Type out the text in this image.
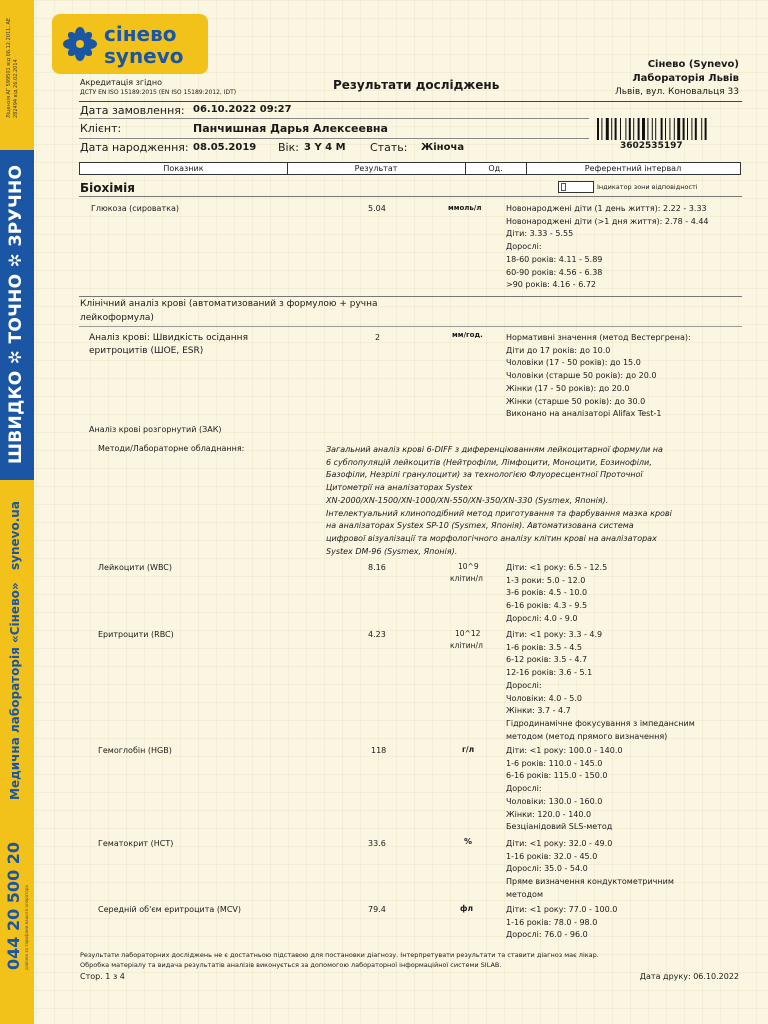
Ліцензія АГ 599501 від 06.12.2011, АЕ 282494 від 26.02.2014
ШВИДКО ✲ ТОЧНО ✲ ЗРУЧНО
synevo.ua
Медична лабораторія «Сінево»
044 20 500 20 дзвінки за тарифами вашого оператора
сінево
synevo
Акредитація згідно
ДСТУ EN ISO 15189:2015 (EN ISO 15189:2012, IDT)
Результати досліджень
Сінево (Synevo)
Лабораторія Львів
Львів, вул. Коновальця 33
Дата замовлення: 06.10.2022 09:27
Клієнт:	Панчишная Дарья Алексеевна
Дата народження: 08.05.2019 Вік: 3 Y 4 M Стать: Жіноча	3602535197
Показник	Результат	Од.	Референтний інтервал
Біохімія	Індикатор зони відповідності
Глюкоза (сироватка)	5.04	ммоль/л	Новонароджені діти (1 день життя): 2.22 - 3.33
Новонароджені діти (>1 дня життя): 2.78 - 4.44
Діти: 3.33 - 5.55
Дорослі:
18-60 років: 4.11 - 5.89
60-90 років: 4.56 - 6.38
>90 років: 4.16 - 6.72
Клінічний аналіз крові (автоматизований з формулою + ручна
лейкоформула)
Аналіз крові: Швидкість осідання
еритроцитів (ШОЕ, ESR)
2	мм/год.	Нормативні значення (метод Вестергрена):
Діти до 17 років: до 10.0
Чоловіки (17 - 50 років): до 15.0
Чоловіки (старше 50 років): до 20.0
Жінки (17 - 50 років): до 20.0
Жінки (старше 50 років): до 30.0
Виконано на аналізаторі Alifax Test-1
Аналіз крові розгорнутий (ЗАК)
Методи/Лабораторне обладнання:	Загальний аналіз крові 6-DIFF з диференціюванням лейкоцитарної формули на
6 субпопуляцій лейкоцитів (Нейтрофіли, Лімфоцити, Моноцити, Еозинофіли,
Базофіли, Незрілі гранулоцити) за технологією Флуоресцентної Проточної
Цитометрії на аналізаторах Systex
XN-2000/XN-1500/XN-1000/XN-550/XN-350/XN-330 (Sysmex, Японія).
Інтелектуальний клиноподібний метод приготування та фарбування мазка крові
на аналізаторах Systex SP-10 (Sysmex, Японія). Автоматизована система
цифрової візуалізації та морфологічного аналізу клітин крові на аналізаторах
Systex DM-96 (Sysmex, Японія).
Лейкоцити (WBC)	8.16	10^9
клітин/л
Діти: <1 року: 6.5 - 12.5
1-3 роки: 5.0 - 12.0
3-6 років: 4.5 - 10.0
6-16 років: 4.3 - 9.5
Дорослі: 4.0 - 9.0
Еритроцити (RBC)	4.23	10^12
клітин/л
Діти: <1 року: 3.3 - 4.9
1-6 років: 3.5 - 4.5
6-12 років: 3.5 - 4.7
12-16 років: 3.6 - 5.1
Дорослі:
Чоловіки: 4.0 - 5.0
Жінки: 3.7 - 4.7
Гідродинамічне фокусування з імпедансним
методом (метод прямого визначення)
Гемоглобін (HGB)	118	г/л	Діти: <1 року: 100.0 - 140.0
1-6 років: 110.0 - 145.0
6-16 років: 115.0 - 150.0
Дорослі:
Чоловіки: 130.0 - 160.0
Жінки: 120.0 - 140.0
Безціанідовий SLS-метод
Гематокрит (HCT)	33.6	%	Діти: <1 року: 32.0 - 49.0
1-16 років: 32.0 - 45.0
Дорослі: 35.0 - 54.0
Пряме визначення кондуктометричним
методом
Середній об'єм еритроцита (MCV)	79.4	фл	Діти: <1 року: 77.0 - 100.0
1-16 років: 78.0 - 98.0
Дорослі: 76.0 - 96.0
Результати лабораторних досліджень не є достатньою підставою для постановки діагнозу. Інтерпретувати результати та ставити діагноз має лікар.
Обробка матеріалу та видача результатів аналізів виконується за допомогою лабораторної інформаційної системи SILAB.
Стор. 1 з 4	Дата друку: 06.10.2022
